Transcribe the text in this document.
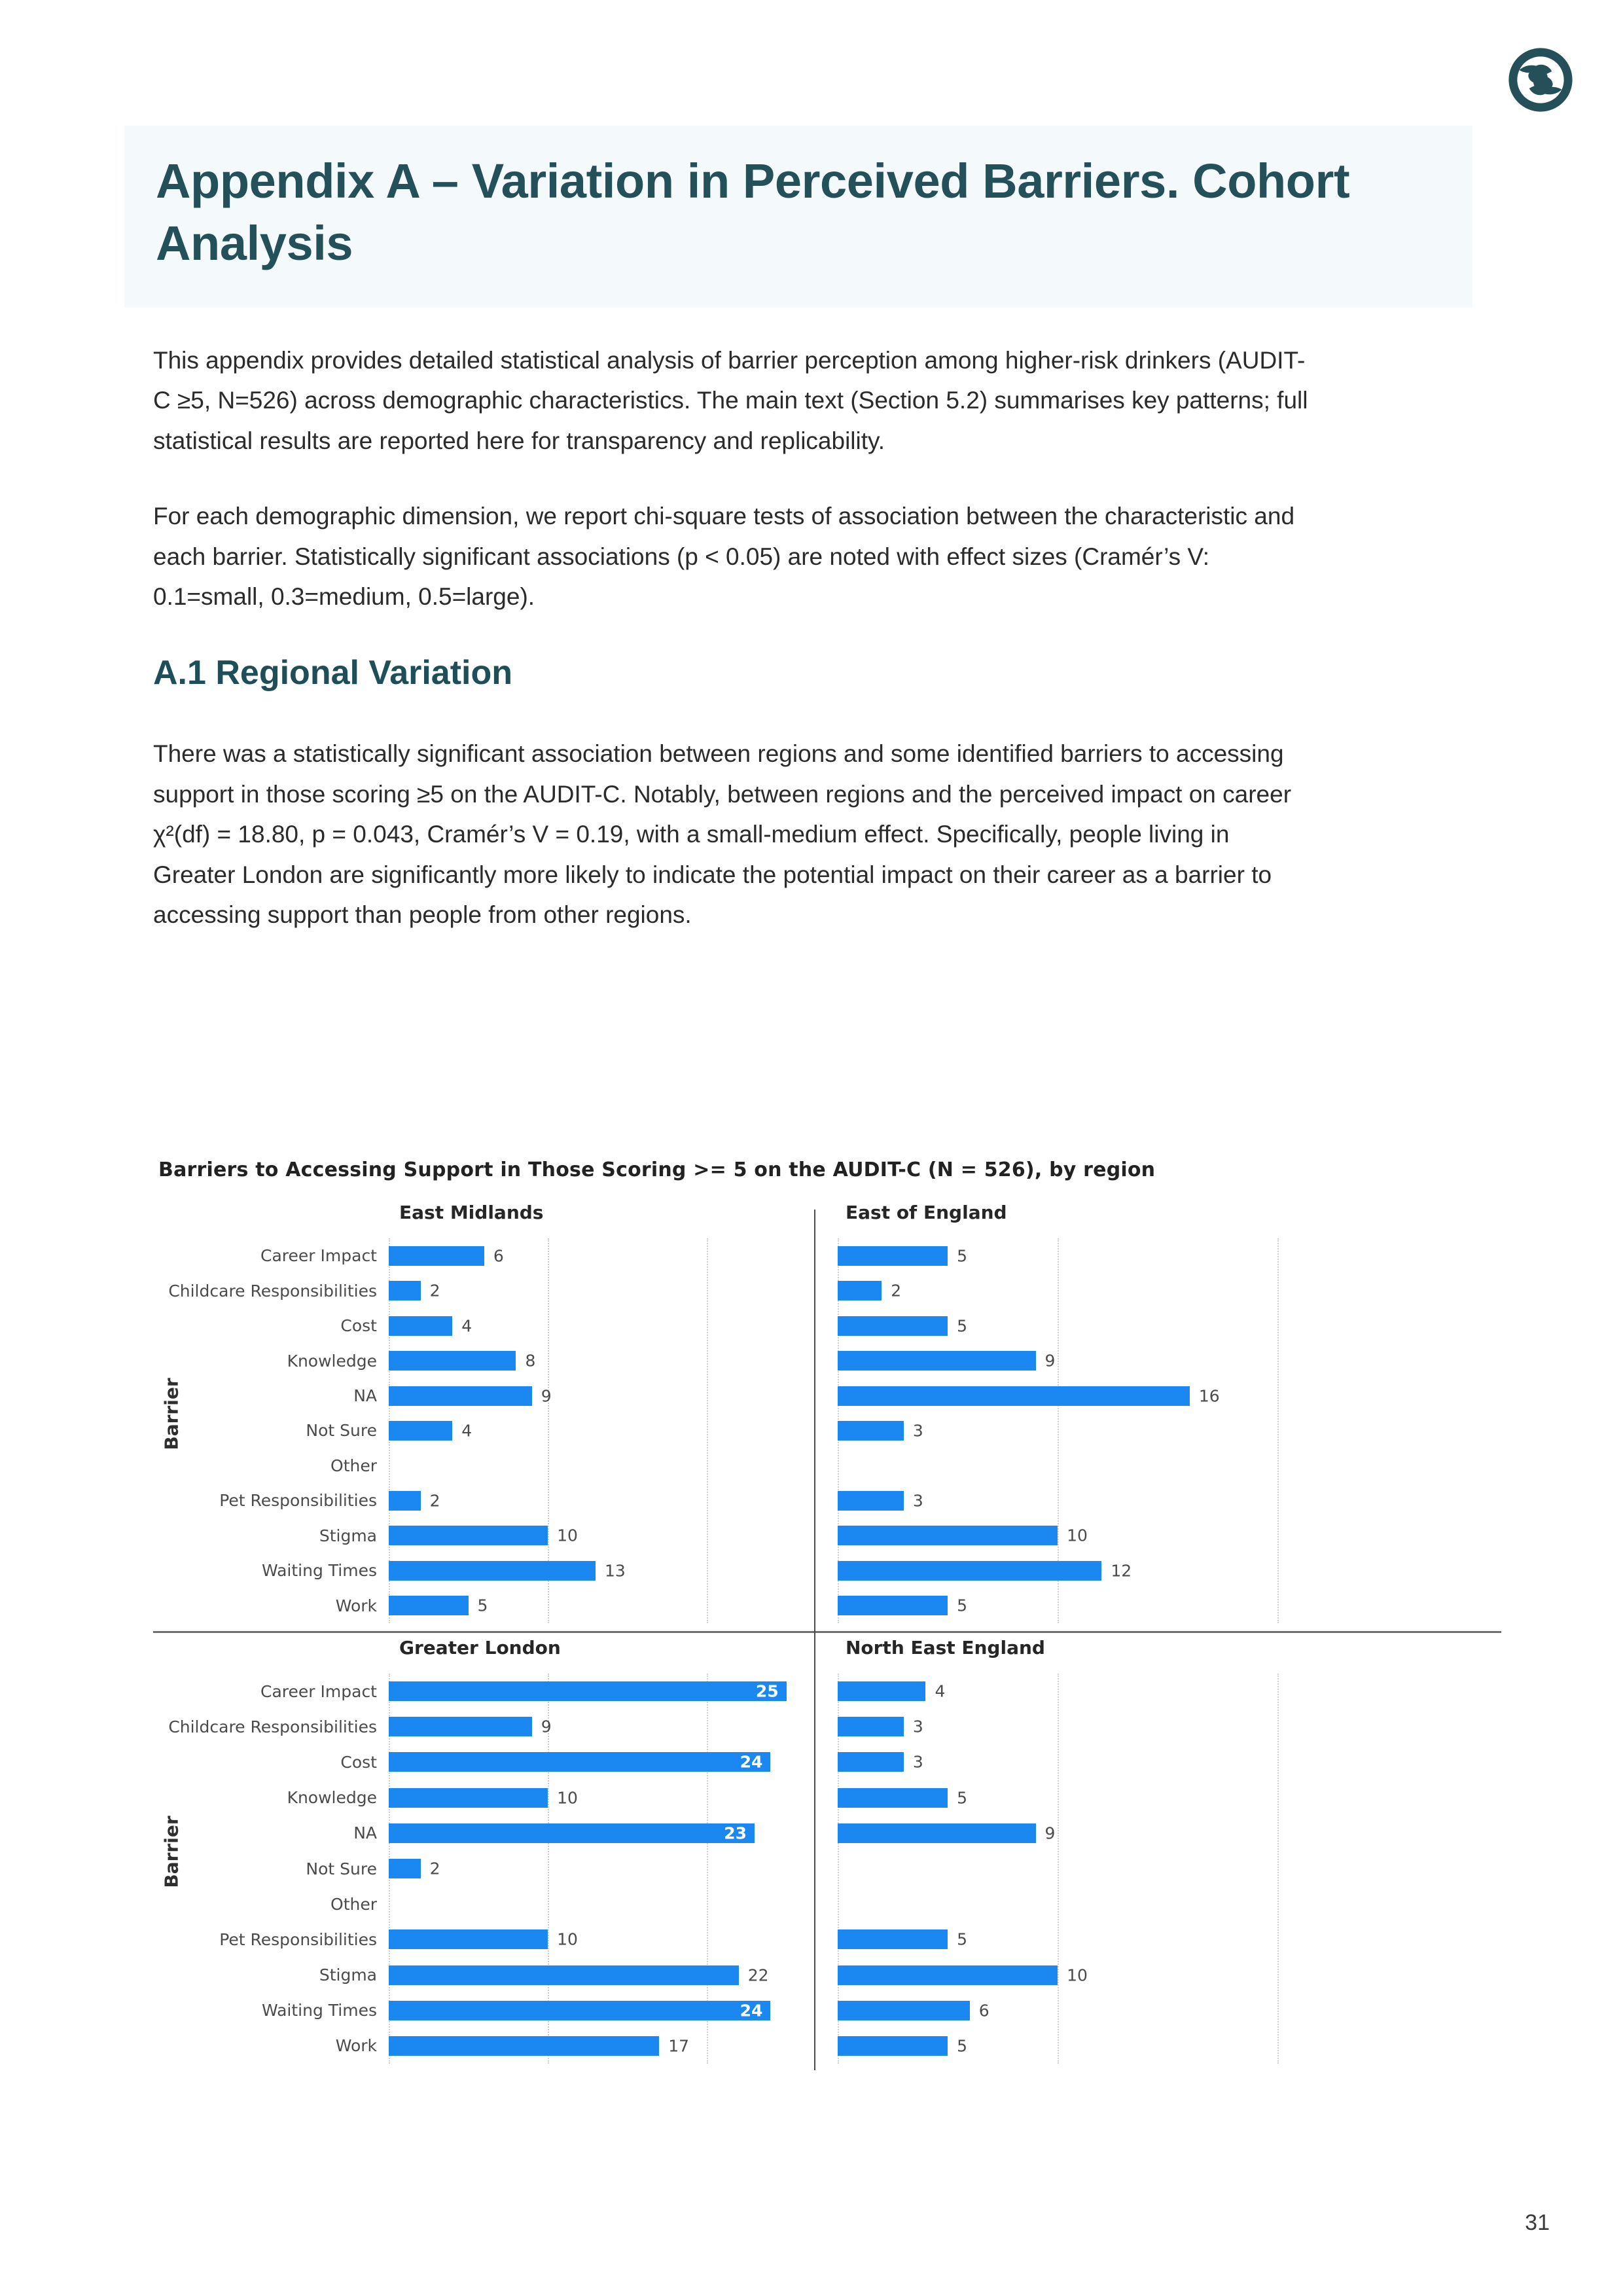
Appendix A – Variation in Perceived Barriers. Cohort Analysis

This appendix provides detailed statistical analysis of barrier perception among higher-risk drinkers (AUDIT-C ≥5, N=526) across demographic characteristics. The main text (Section 5.2) summarises key patterns; full statistical results are reported here for transparency and replicability.

For each demographic dimension, we report chi-square tests of association between the characteristic and each barrier. Statistically significant associations (p < 0.05) are noted with effect sizes (Cramér’s V: 0.1=small, 0.3=medium, 0.5=large).

A.1 Regional Variation

There was a statistically significant association between regions and some identified barriers to accessing support in those scoring ≥5 on the AUDIT-C. Notably, between regions and the perceived impact on career χ²(df) = 18.80, p = 0.043, Cramér’s V = 0.19, with a small-medium effect. Specifically, people living in Greater London are significantly more likely to indicate the potential impact on their career as a barrier to accessing support than people from other regions.

Barriers to Accessing Support in Those Scoring >= 5 on the AUDIT-C (N = 526), by region
Barrier
East Midlands
Career Impact	6
Childcare Responsibilities	2
Cost	4
Knowledge	8
NA	9
Not Sure	4
Other
Pet Responsibilities	2
Stigma	10
Waiting Times	13
Work	5
East of England
5
2
5
9
16
3
3
10
12
5
Barrier
Greater London
Career Impact	25
Childcare Responsibilities	9
Cost	24
Knowledge	10
NA	23
Not Sure	2
Other
Pet Responsibilities	10
Stigma	22
Waiting Times	24
Work	17
North East England
4
3
3
5
9
5
10
6
5
31
